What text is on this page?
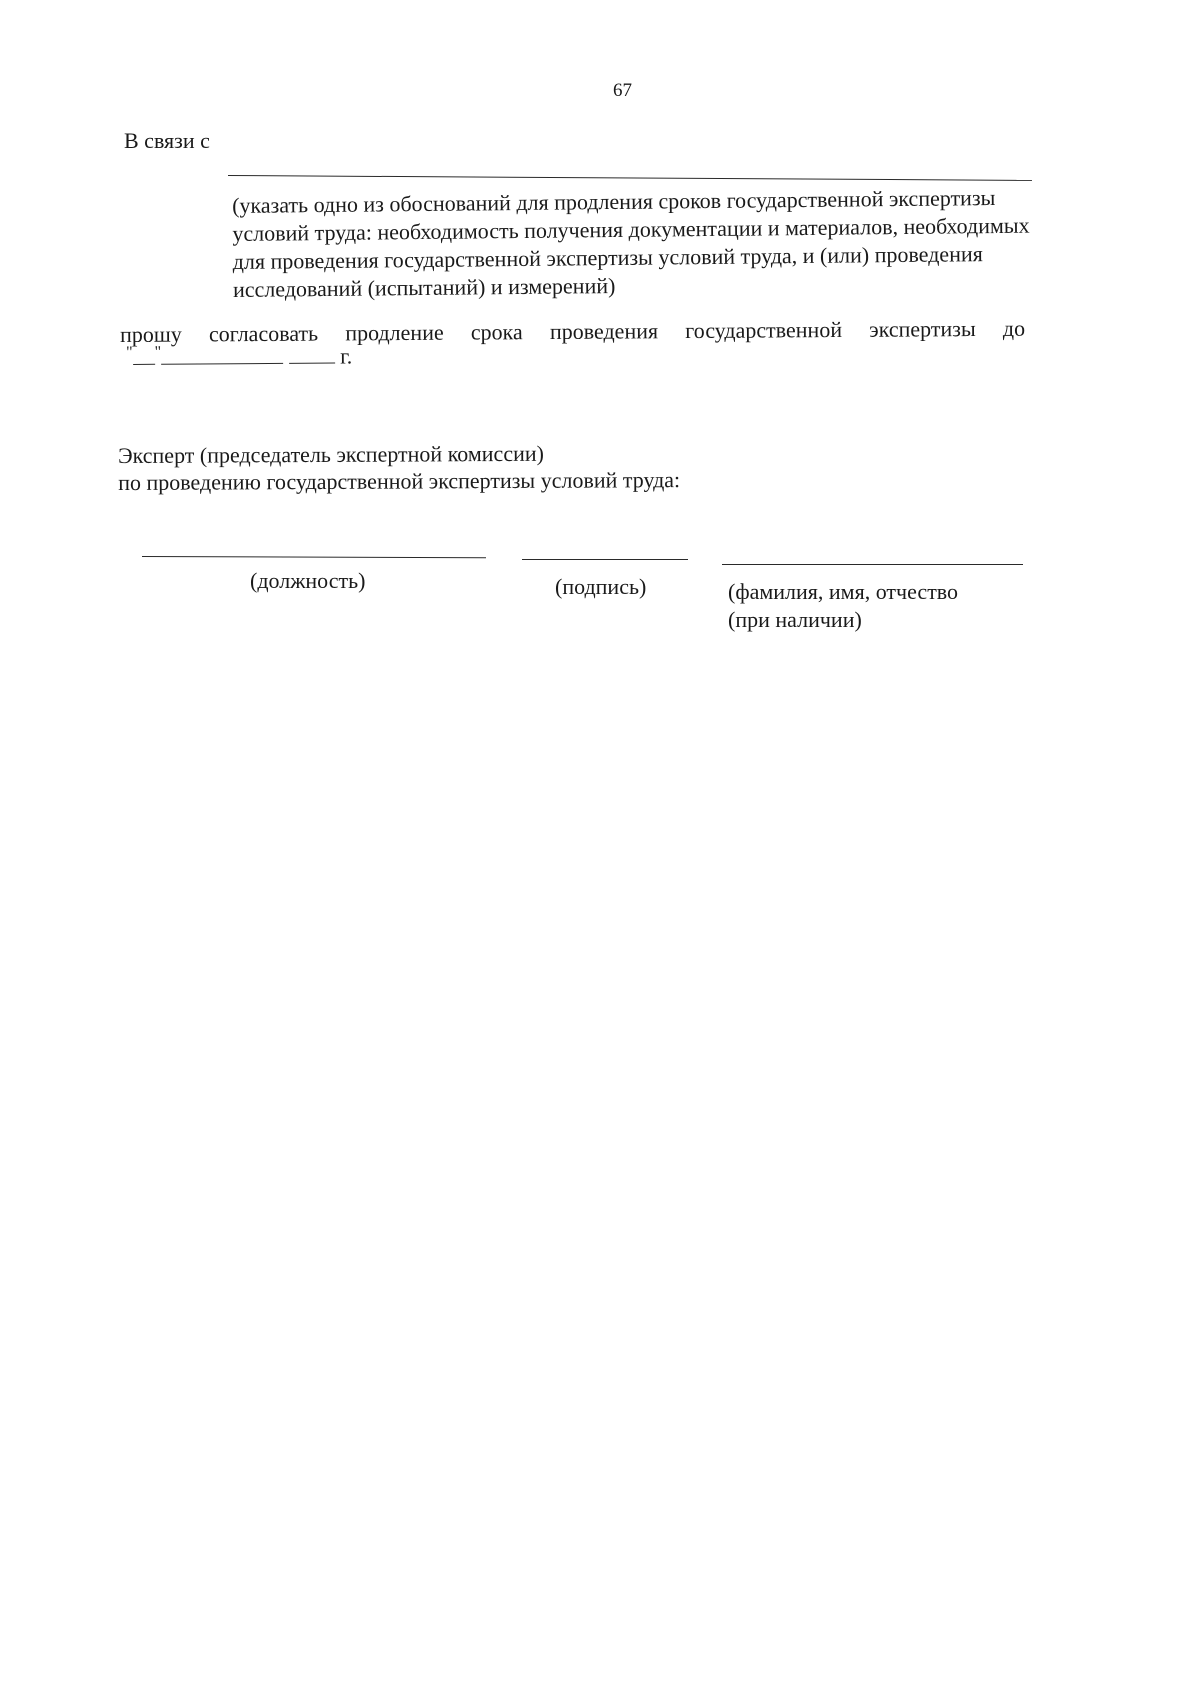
67
В связи с
(указать одно из обоснований для продления сроков государственной экспертизы условий труда: необходимость получения документации и материалов, необходимых для проведения государственной экспертизы условий труда, и (или) проведения исследований (испытаний) и измерений)
прошу согласовать продление срока проведения государственной экспертизы до
" "	г.
Эксперт (председатель экспертной комиссии)
по проведению государственной экспертизы условий труда:
(должность)	(подпись)	(фамилия, имя, отчество
(при наличии)
